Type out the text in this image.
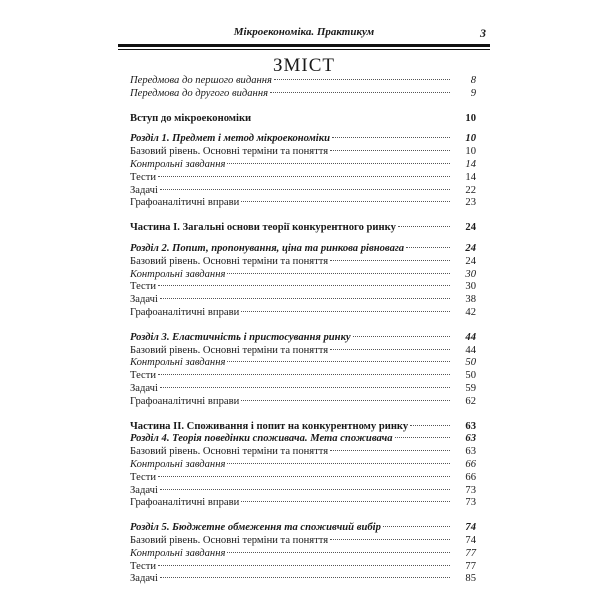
Мікроекономіка. Практикум	3
ЗМІСТ
Передмова до першого видання	8
Передмова до другого видання	9
Вступ до мікроекономіки	10
Розділ 1. Предмет і метод мікроекономіки	10
Базовий рівень. Основні терміни та поняття	10
Контрольні завдання	14
Тести	14
Задачі	22
Графоаналітичні вправи	23
Частина І. Загальні основи теорії конкурентного ринку	24
Розділ 2. Попит, пропонування, ціна та ринкова рівновага	24
Базовий рівень. Основні терміни та поняття	24
Контрольні завдання	30
Тести	30
Задачі	38
Графоаналітичні вправи	42
Розділ 3. Еластичність і пристосування ринку	44
Базовий рівень. Основні терміни та поняття	44
Контрольні завдання	50
Тести	50
Задачі	59
Графоаналітичні вправи	62
Частина ІІ. Споживання і попит на конкурентному ринку	63
Розділ 4. Теорія поведінки споживача. Мета споживача	63
Базовий рівень. Основні терміни та поняття	63
Контрольні завдання	66
Тести	66
Задачі	73
Графоаналітичні вправи	73
Розділ 5. Бюджетне обмеження та споживчий вибір	74
Базовий рівень. Основні терміни та поняття	74
Контрольні завдання	77
Тести	77
Задачі	85
